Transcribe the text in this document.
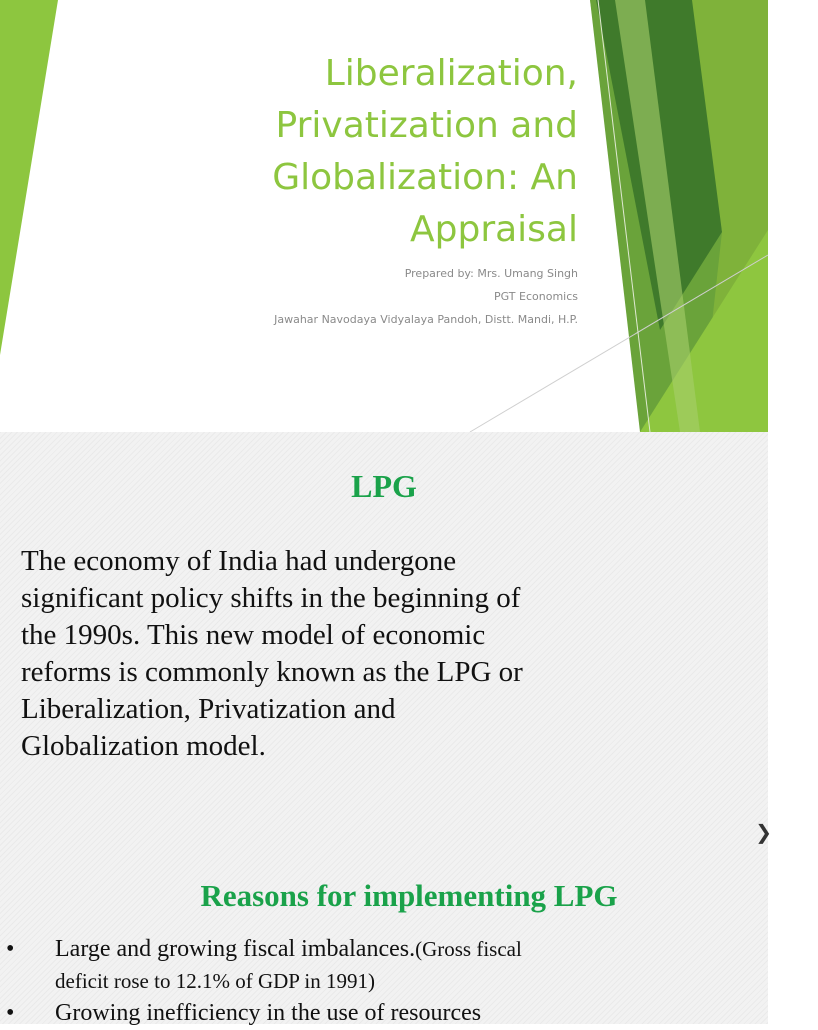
Liberalization,
Privatization and
Globalization: An
Appraisal
Prepared by: Mrs. Umang Singh
PGT Economics
Jawahar Navodaya Vidyalaya Pandoh, Distt. Mandi, H.P.
LPG

The economy of India had undergone
significant policy shifts in the beginning of
the 1990s. This new model of economic
reforms is commonly known as the LPG or
Liberalization, Privatization and
Globalization model.

❯
Reasons for implementing LPG
• Large and growing fiscal imbalances.(Gross fiscal
deficit rose to 12.1% of GDP in 1991)
• Growing inefficiency in the use of resources
